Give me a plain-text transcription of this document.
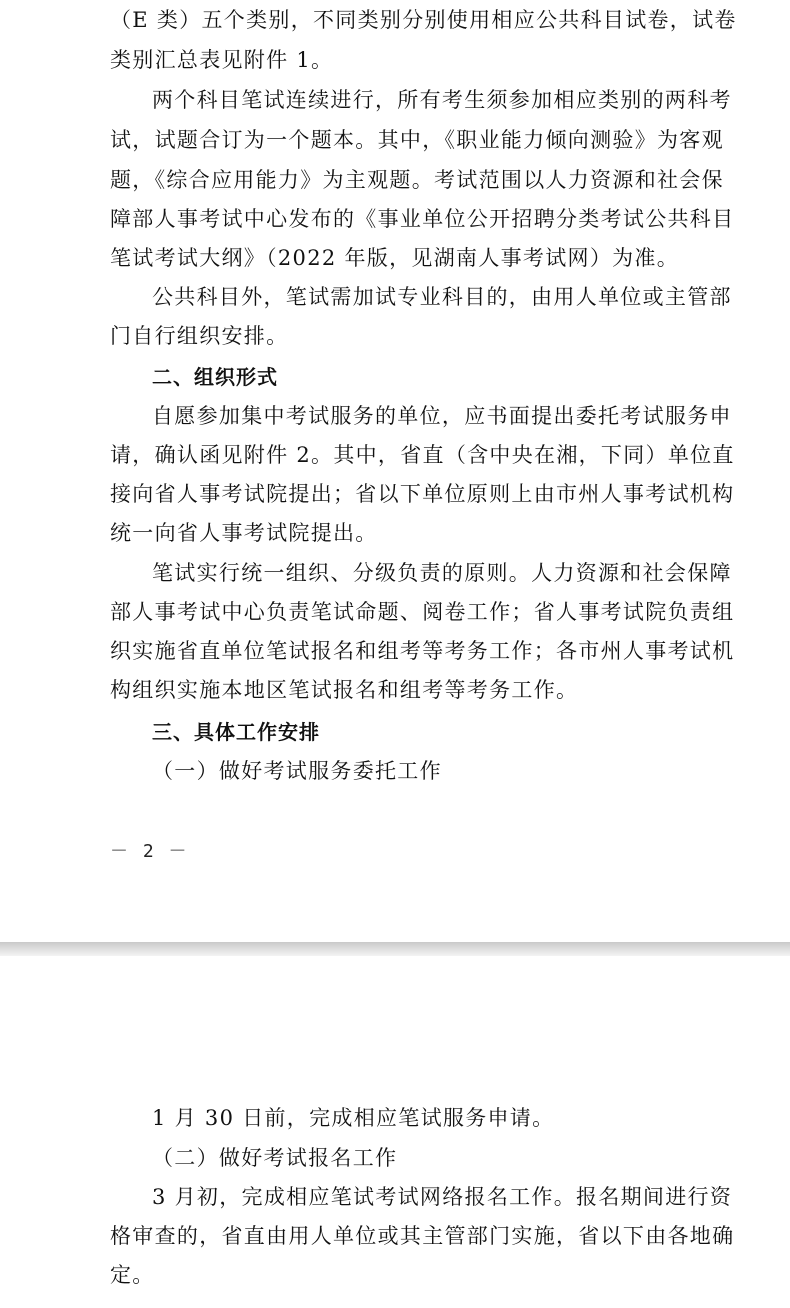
（E 类）五个类别，不同类别分别使用相应公共科目试卷，试卷
类别汇总表见附件 1。
两个科目笔试连续进行，所有考生须参加相应类别的两科考
试，试题合订为一个题本。其中，《职业能力倾向测验》为客观
题，《综合应用能力》为主观题。考试范围以人力资源和社会保
障部人事考试中心发布的《事业单位公开招聘分类考试公共科目
笔试考试大纲》（2022 年版，见湖南人事考试网）为准。
公共科目外，笔试需加试专业科目的，由用人单位或主管部
门自行组织安排。
二、组织形式
自愿参加集中考试服务的单位，应书面提出委托考试服务申
请，确认函见附件 2。其中，省直（含中央在湘，下同）单位直
接向省人事考试院提出；省以下单位原则上由市州人事考试机构
统一向省人事考试院提出。
笔试实行统一组织、分级负责的原则。人力资源和社会保障
部人事考试中心负责笔试命题、阅卷工作；省人事考试院负责组
织实施省直单位笔试报名和组考等考务工作；各市州人事考试机
构组织实施本地区笔试报名和组考等考务工作。
三、具体工作安排
（一）做好考试服务委托工作
－ 2 －
1 月 30 日前，完成相应笔试服务申请。
（二）做好考试报名工作
3 月初，完成相应笔试考试网络报名工作。报名期间进行资
格审查的，省直由用人单位或其主管部门实施，省以下由各地确
定。
